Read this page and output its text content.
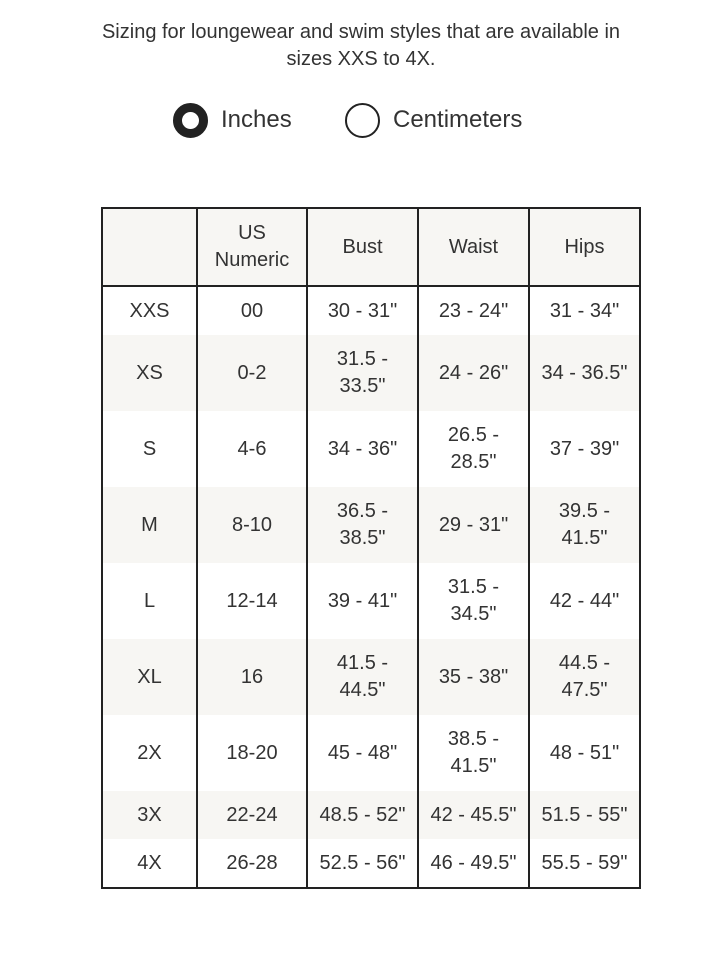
Sizing for loungewear and swim styles that are available in
sizes XXS to 4X.
Inches	Centimeters
	US
Numeric	Bust	Waist	Hips
XXS	00	30 - 31"	23 - 24"	31 - 34"
XS	0-2	31.5 -
33.5"	24 - 26"	34 - 36.5"
S	4-6	34 - 36"	26.5 -
28.5"	37 - 39"
M	8-10	36.5 -
38.5"	29 - 31"	39.5 -
41.5"
L	12-14	39 - 41"	31.5 -
34.5"	42 - 44"
XL	16	41.5 -
44.5"	35 - 38"	44.5 -
47.5"
2X	18-20	45 - 48"	38.5 -
41.5"	48 - 51"
3X	22-24	48.5 - 52"	42 - 45.5"	51.5 - 55"
4X	26-28	52.5 - 56"	46 - 49.5"	55.5 - 59"
